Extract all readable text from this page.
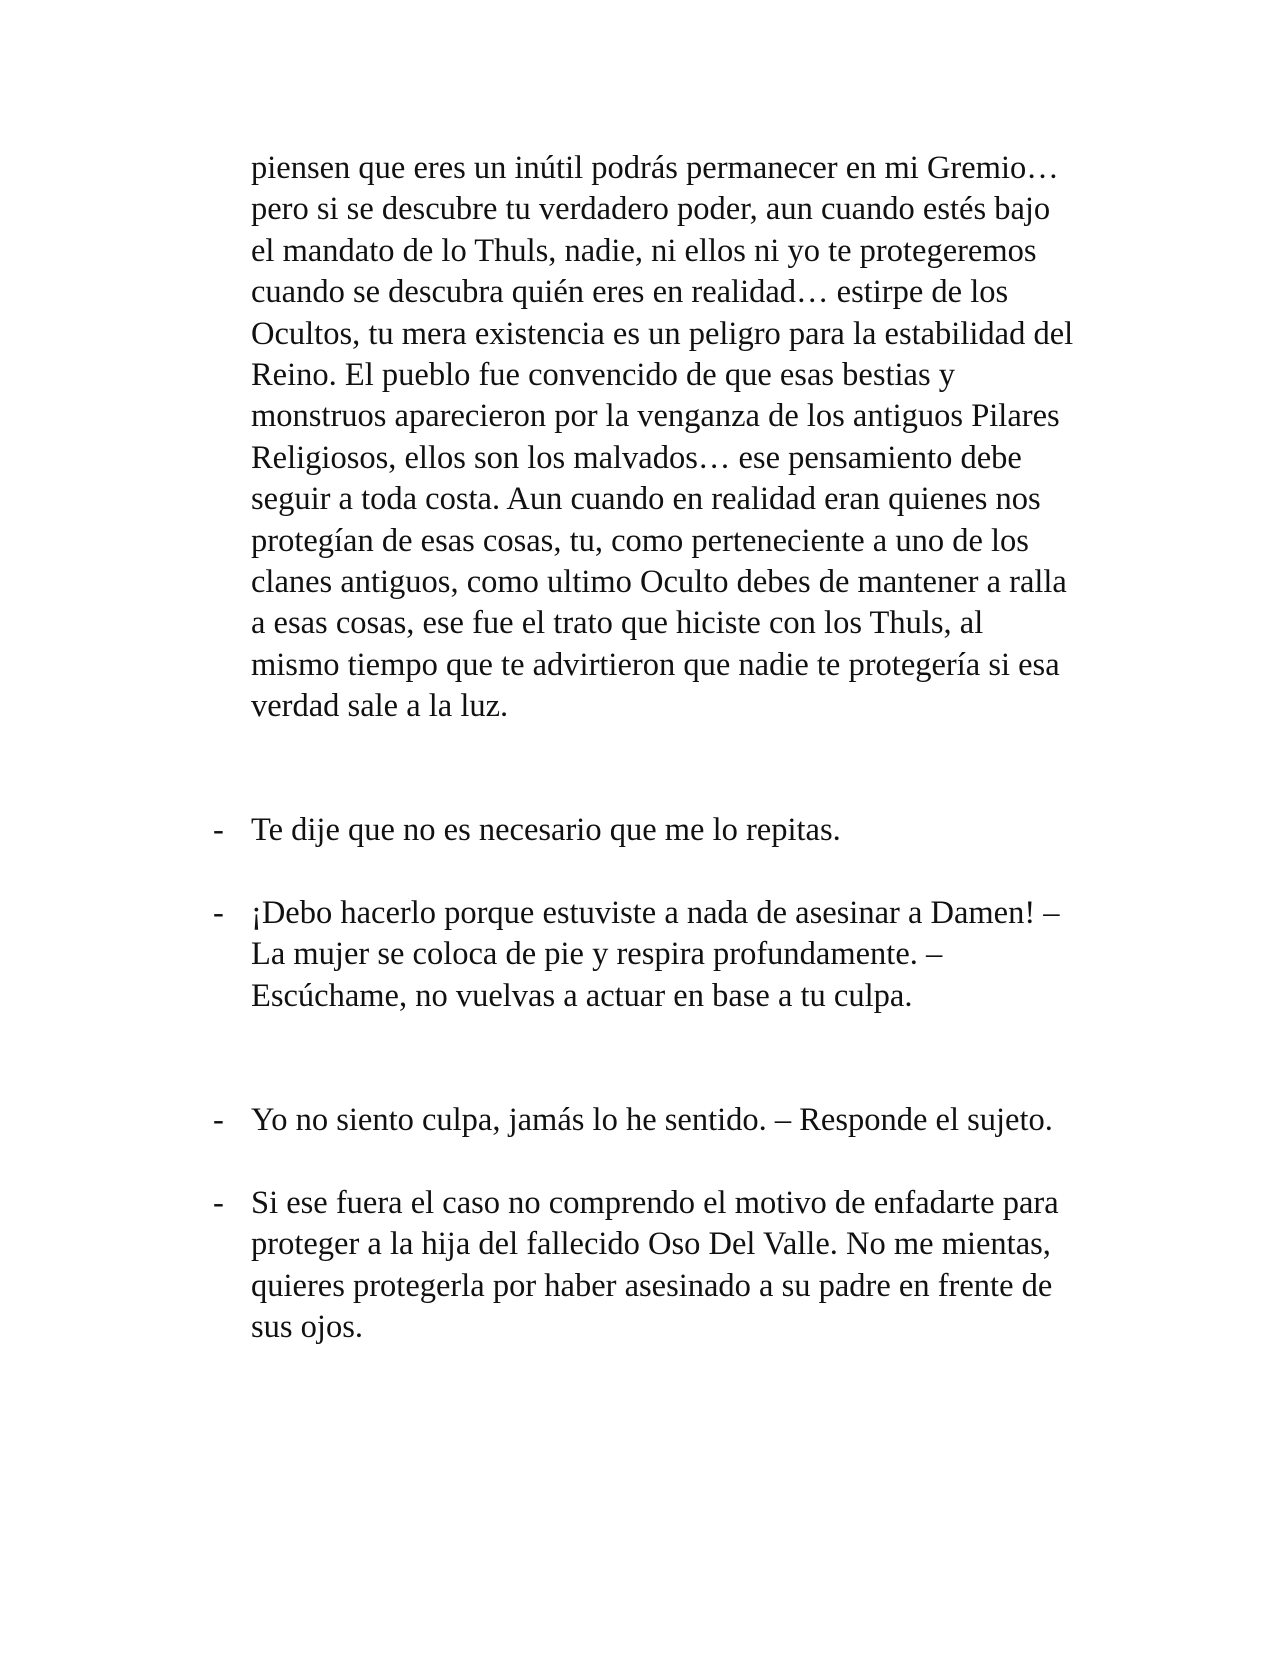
piensen que eres un inútil podrás permanecer en mi Gremio…
pero si se descubre tu verdadero poder, aun cuando estés bajo
el mandato de lo Thuls, nadie, ni ellos ni yo te protegeremos
cuando se descubra quién eres en realidad… estirpe de los
Ocultos, tu mera existencia es un peligro para la estabilidad del
Reino. El pueblo fue convencido de que esas bestias y
monstruos aparecieron por la venganza de los antiguos Pilares
Religiosos, ellos son los malvados… ese pensamiento debe
seguir a toda costa. Aun cuando en realidad eran quienes nos
protegían de esas cosas, tu, como perteneciente a uno de los
clanes antiguos, como ultimo Oculto debes de mantener a ralla
a esas cosas, ese fue el trato que hiciste con los Thuls, al
mismo tiempo que te advirtieron que nadie te protegería si esa
verdad sale a la luz.

- Te dije que no es necesario que me lo repitas.

- ¡Debo hacerlo porque estuviste a nada de asesinar a Damen! –
La mujer se coloca de pie y respira profundamente. –
Escúchame, no vuelvas a actuar en base a tu culpa.

- Yo no siento culpa, jamás lo he sentido. – Responde el sujeto.

- Si ese fuera el caso no comprendo el motivo de enfadarte para
proteger a la hija del fallecido Oso Del Valle. No me mientas,
quieres protegerla por haber asesinado a su padre en frente de
sus ojos.
